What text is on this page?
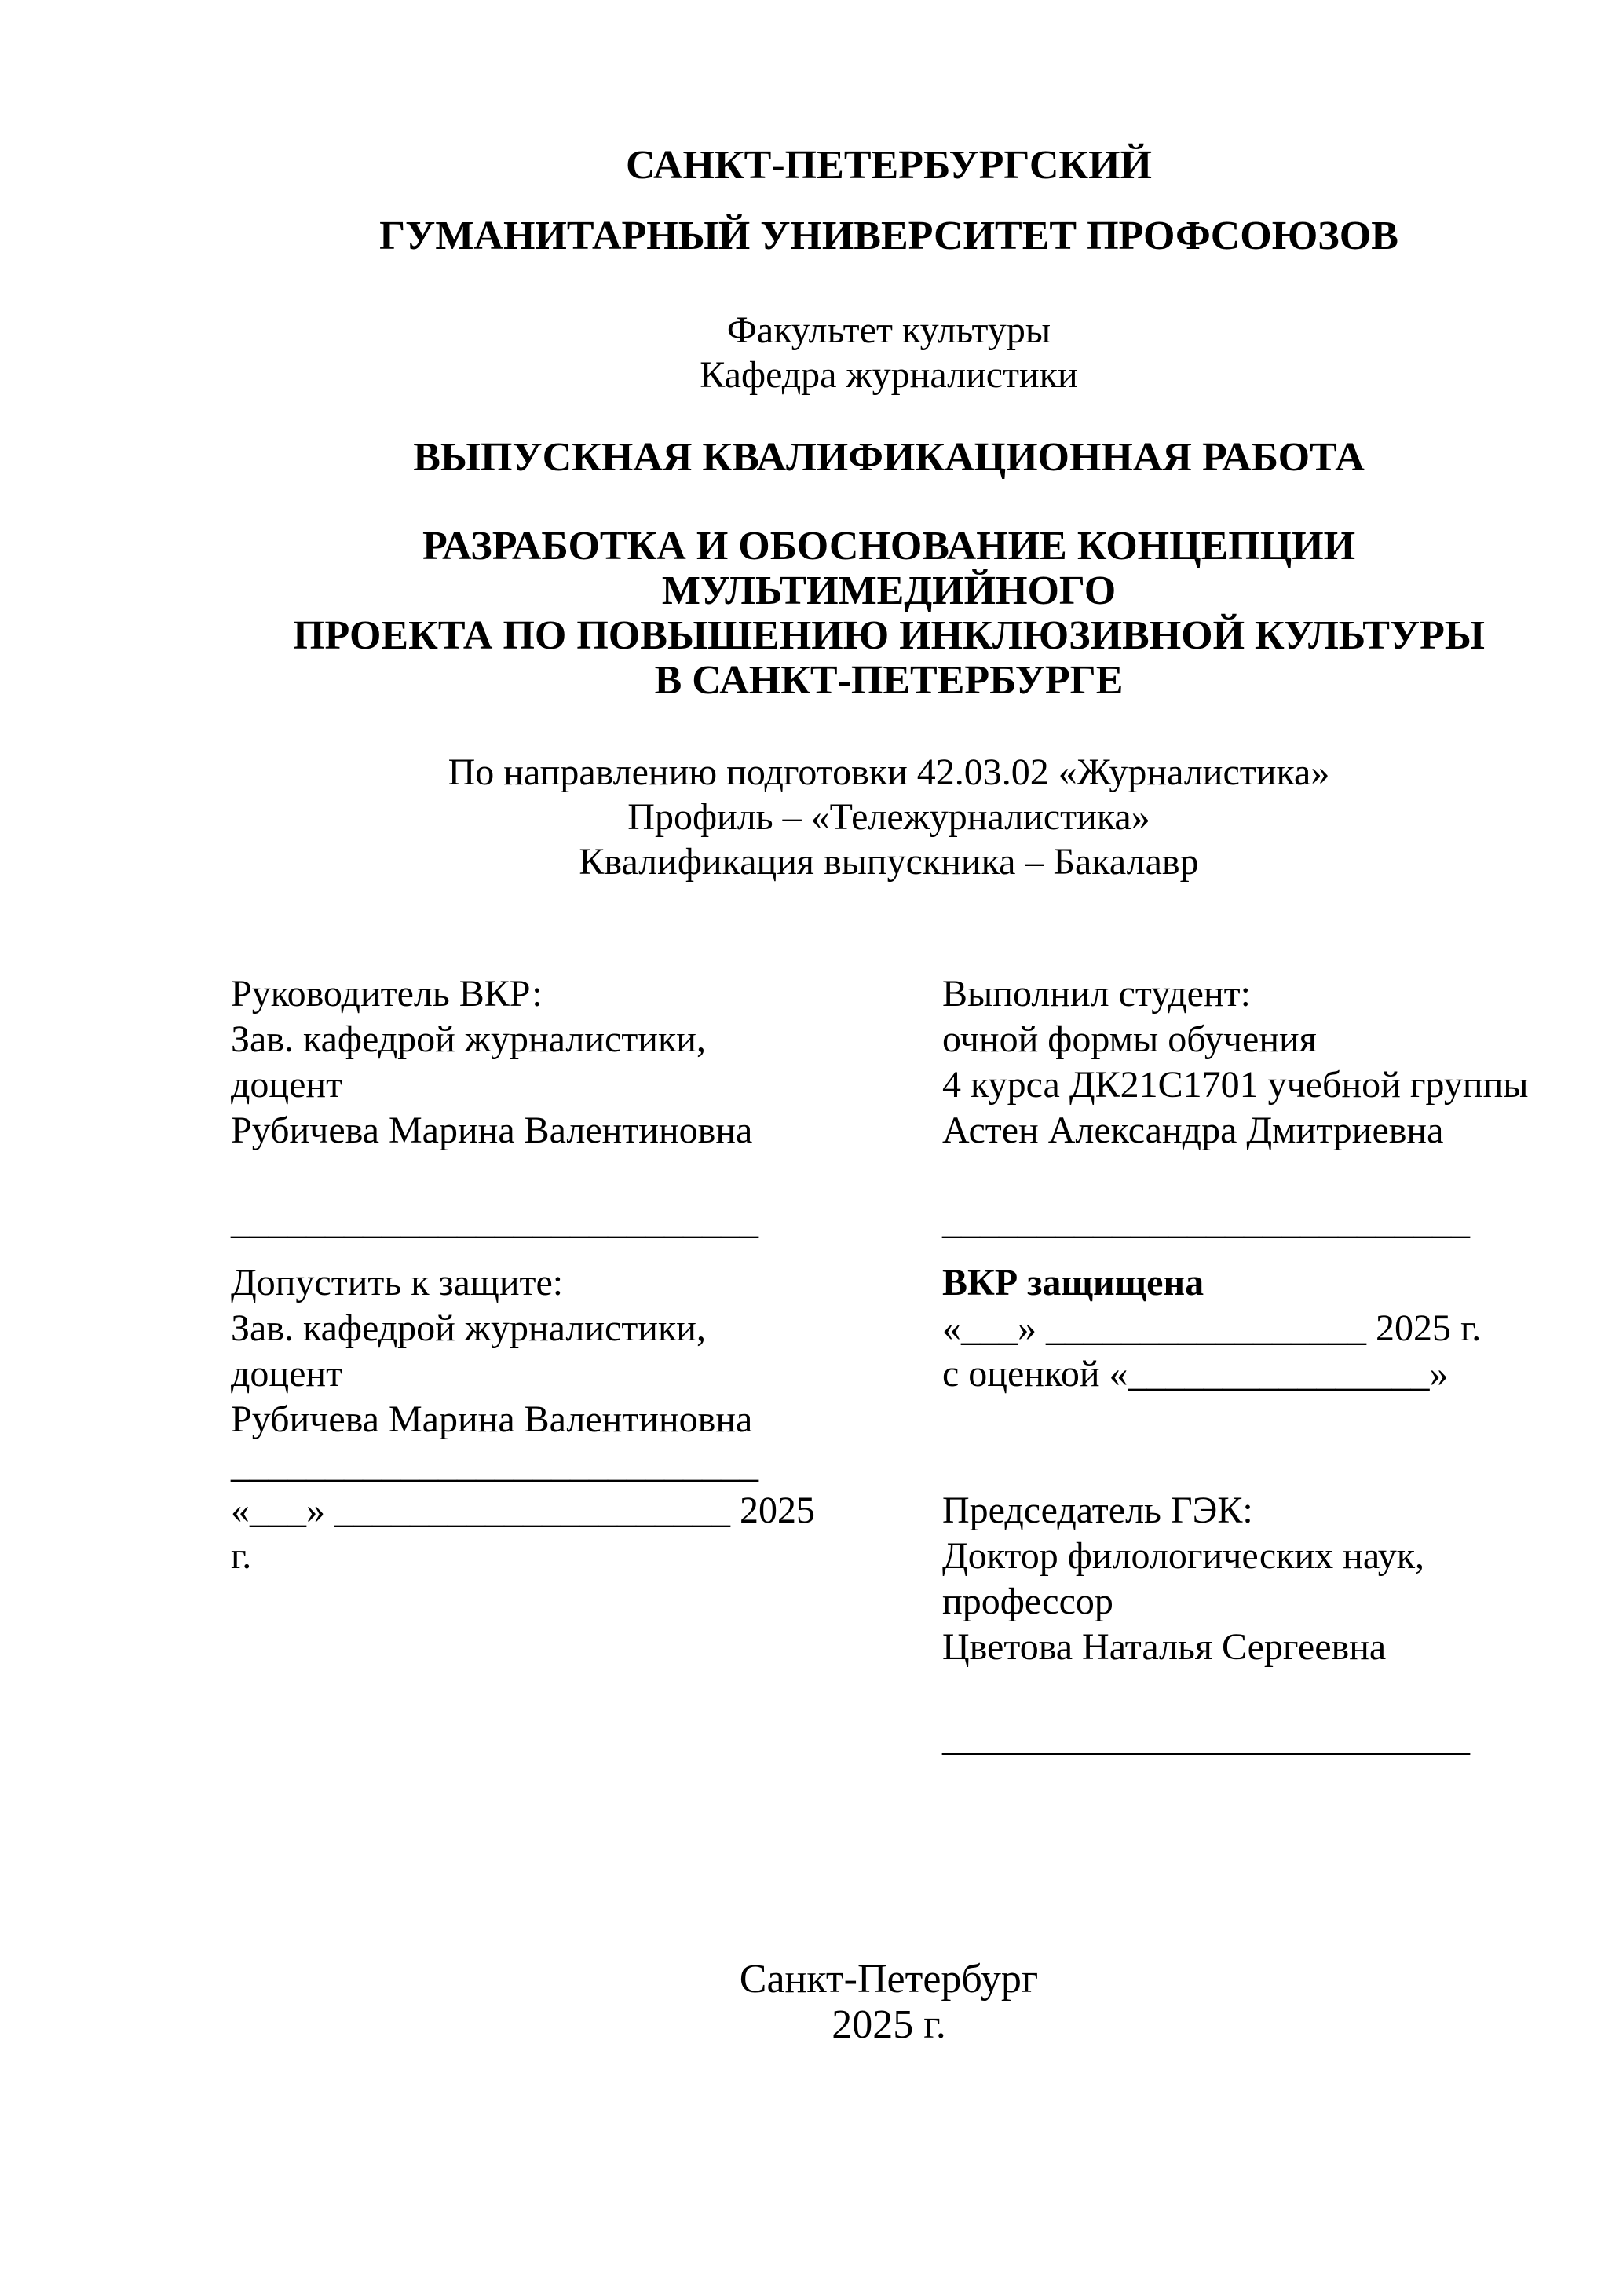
САНКТ-ПЕТЕРБУРГСКИЙ
ГУМАНИТАРНЫЙ УНИВЕРСИТЕТ ПРОФСОЮЗОВ
Факультет культуры
Кафедра журналистики
ВЫПУСКНАЯ КВАЛИФИКАЦИОННАЯ РАБОТА
РАЗРАБОТКА И ОБОСНОВАНИЕ КОНЦЕПЦИИ МУЛЬТИМЕДИЙНОГО
ПРОЕКТА ПО ПОВЫШЕНИЮ ИНКЛЮЗИВНОЙ КУЛЬТУРЫ
В САНКТ-ПЕТЕРБУРГЕ
По направлению подготовки 42.03.02 «Журналистика»
Профиль – «Тележурналистика»
Квалификация выпускника – Бакалавр
Руководитель ВКР:
Зав. кафедрой журналистики,
доцент
Рубичева Марина Валентиновна
____________________________
Допустить к защите:
Зав. кафедрой журналистики,
доцент
Рубичева Марина Валентиновна
____________________________
«___» _____________________ 2025
г.
Выполнил студент:
очной формы обучения
4 курса ДК21С1701 учебной группы
Астен Александра Дмитриевна
____________________________
ВКР защищена
«___» _________________ 2025 г.
с оценкой «________________»
Председатель ГЭК:
Доктор филологических наук,
профессор
Цветова Наталья Сергеевна
____________________________
Санкт-Петербург
2025 г.
